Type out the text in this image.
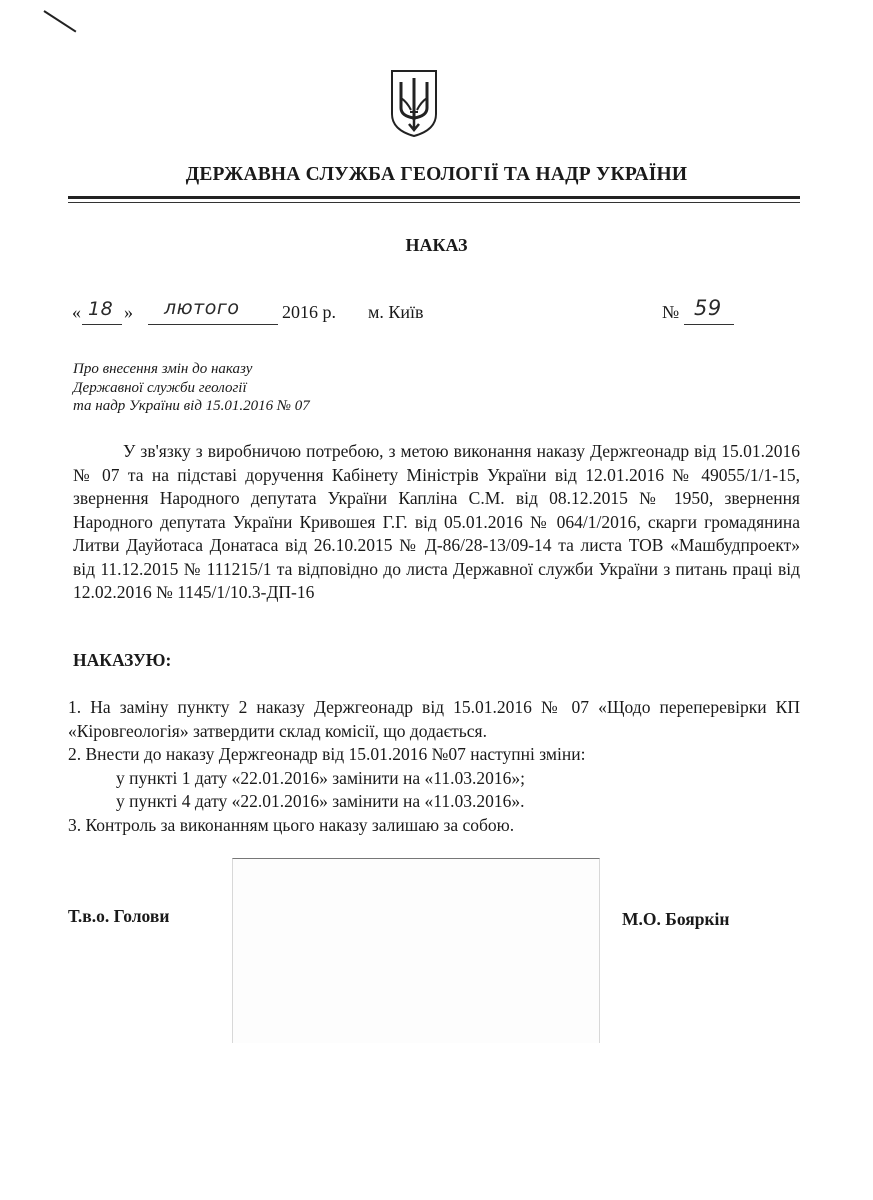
ДЕРЖАВНА СЛУЖБА ГЕОЛОГІЇ ТА НАДР УКРАЇНИ
НАКАЗ
« 18 » лютого 2016 р. м. Київ	№ 59
Про внесення змін до наказу
Державної служби геології
та надр України від 15.01.2016 № 07

У зв'язку з виробничою потребою, з метою виконання наказу Держгеонадр від 15.01.2016 № 07 та на підставі доручення Кабінету Міністрів України від 12.01.2016 № 49055/1/1-15, звернення Народного депутата України Капліна С.М. від 08.12.2015 № 1950, звернення Народного депутата України Кривошея Г.Г. від 05.01.2016 № 064/1/2016, скарги громадянина Литви Дауйотаса Донатаса від 26.10.2015 № Д-86/28-13/09-14 та листа ТОВ «Машбудпроект» від 11.12.2015 № 111215/1 та відповідно до листа Державної служби України з питань праці від 12.02.2016 № 1145/1/10.3-ДП-16

НАКАЗУЮ:

1. На заміну пункту 2 наказу Держгеонадр від 15.01.2016 № 07 «Щодо переперевірки КП «Кіровгеологія» затвердити склад комісії, що додається.

2. Внести до наказу Держгеонадр від 15.01.2016 №07 наступні зміни:

у пункті 1 дату «22.01.2016» замінити на «11.03.2016»;

у пункті 4 дату «22.01.2016» замінити на «11.03.2016».

3. Контроль за виконанням цього наказу залишаю за собою.

Т.в.о. Голови	М.О. Бояркін
